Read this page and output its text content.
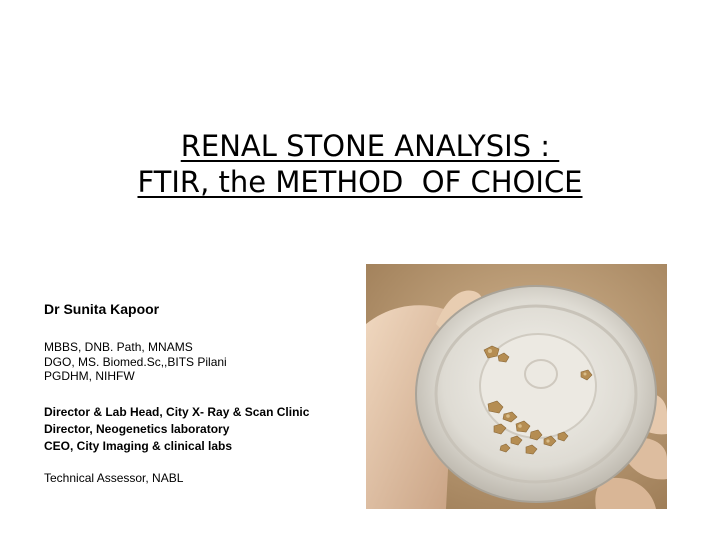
RENAL STONE ANALYSIS :
FTIR, the METHOD  OF CHOICE
Dr Sunita Kapoor
MBBS, DNB. Path, MNAMS
DGO, MS. Biomed.Sc,,BITS Pilani
PGDHM, NIHFW
Director & Lab Head, City X- Ray & Scan Clinic
Director, Neogenetics laboratory
CEO, City Imaging & clinical labs
Technical Assessor, NABL
